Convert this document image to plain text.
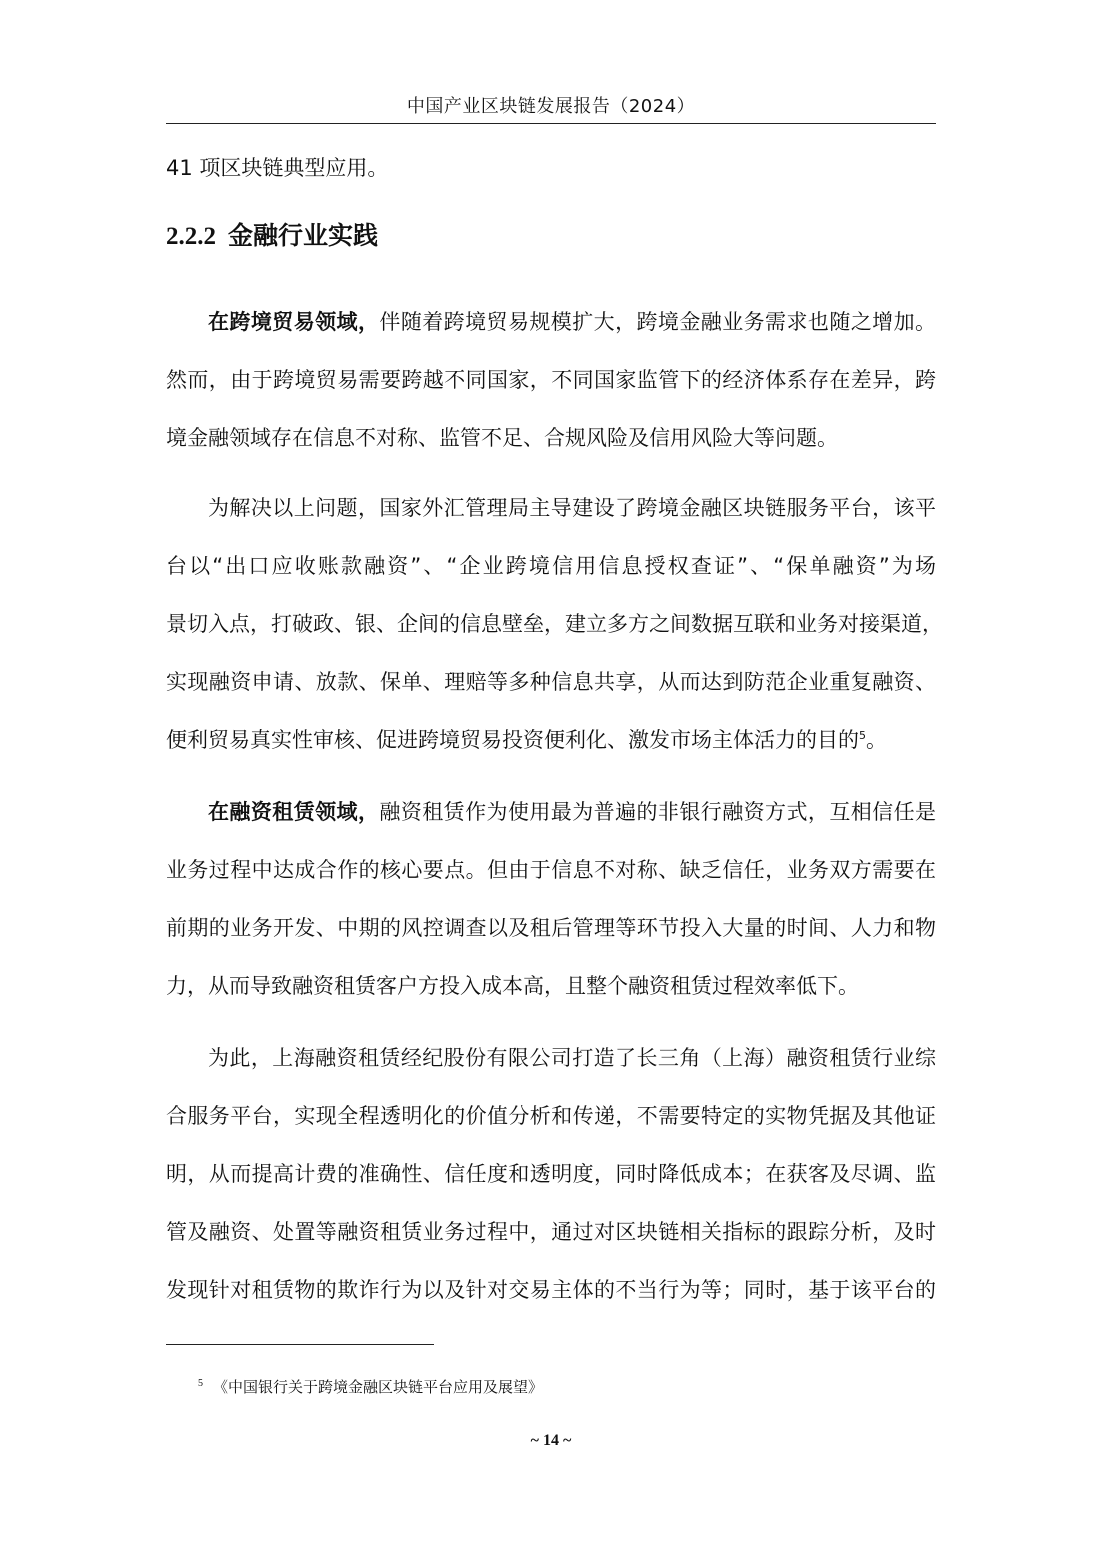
中国产业区块链发展报告（2024）
41 项区块链典型应用。
2.2.2 金融行业实践
在跨境贸易领域，伴随着跨境贸易规模扩大，跨境金融业务需求也随之增加。
然而，由于跨境贸易需要跨越不同国家，不同国家监管下的经济体系存在差异，跨
境金融领域存在信息不对称、监管不足、合规风险及信用风险大等问题。
为解决以上问题，国家外汇管理局主导建设了跨境金融区块链服务平台，该平
台以“出口应收账款融资”、“企业跨境信用信息授权查证”、“保单融资”为场
景切入点，打破政、银、企间的信息壁垒，建立多方之间数据互联和业务对接渠道，
实现融资申请、放款、保单、理赔等多种信息共享，从而达到防范企业重复融资、
便利贸易真实性审核、促进跨境贸易投资便利化、激发市场主体活力的目的$^5$。
在融资租赁领域，融资租赁作为使用最为普遍的非银行融资方式，互相信任是
业务过程中达成合作的核心要点。但由于信息不对称、缺乏信任，业务双方需要在
前期的业务开发、中期的风控调查以及租后管理等环节投入大量的时间、人力和物
力，从而导致融资租赁客户方投入成本高，且整个融资租赁过程效率低下。
为此，上海融资租赁经纪股份有限公司打造了长三角（上海）融资租赁行业综
合服务平台，实现全程透明化的价值分析和传递，不需要特定的实物凭据及其他证
明，从而提高计费的准确性、信任度和透明度，同时降低成本；在获客及尽调、监
管及融资、处置等融资租赁业务过程中，通过对区块链相关指标的跟踪分析，及时
发现针对租赁物的欺诈行为以及针对交易主体的不当行为等；同时，基于该平台的
$^5$ 《中国银行关于跨境金融区块链平台应用及展望》
~ 14 ~
